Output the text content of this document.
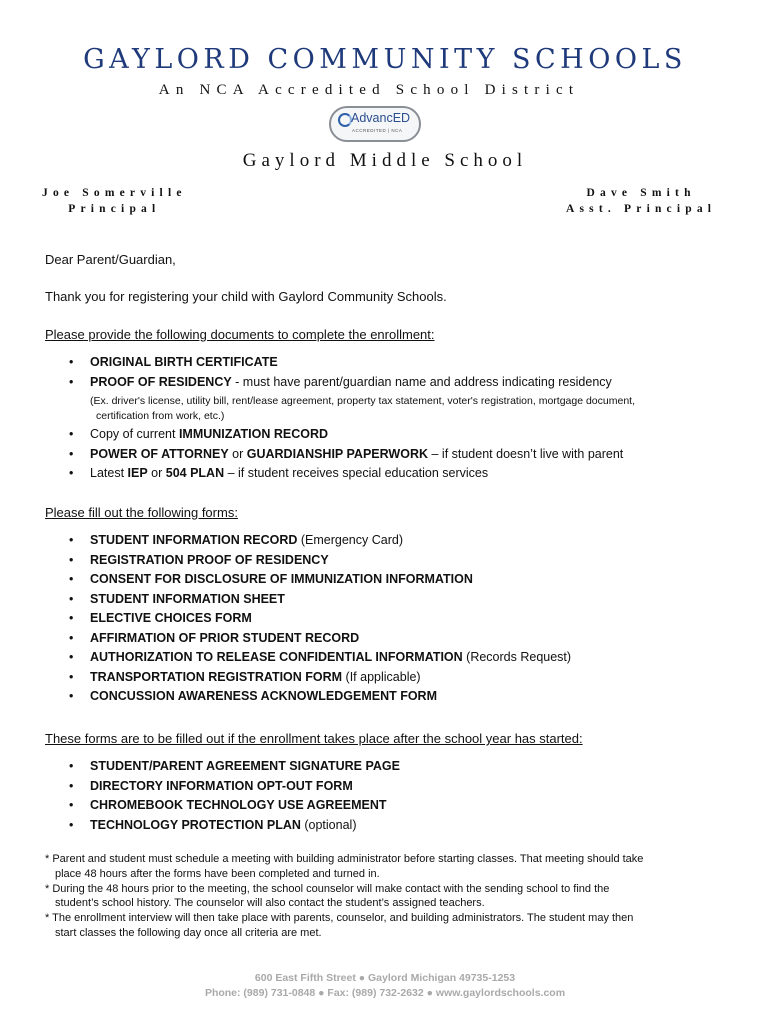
GAYLORD COMMUNITY SCHOOLS
An NCA Accredited School District
AdvancED
ACCREDITED | NCA
Gaylord Middle School
Joe Somerville
Principal
Dave Smith
Asst. Principal
Dear Parent/Guardian,
Thank you for registering your child with Gaylord Community Schools.
Please provide the following documents to complete the enrollment:
• ORIGINAL BIRTH CERTIFICATE
• PROOF OF RESIDENCY - must have parent/guardian name and address indicating residency
(Ex. driver's license, utility bill, rent/lease agreement, property tax statement, voter's registration, mortgage document,
certification from work, etc.)
• Copy of current IMMUNIZATION RECORD
• POWER OF ATTORNEY or GUARDIANSHIP PAPERWORK – if student doesn’t live with parent
• Latest IEP or 504 PLAN – if student receives special education services
Please fill out the following forms:
• STUDENT INFORMATION RECORD (Emergency Card)
• REGISTRATION PROOF OF RESIDENCY
• CONSENT FOR DISCLOSURE OF IMMUNIZATION INFORMATION
• STUDENT INFORMATION SHEET
• ELECTIVE CHOICES FORM
• AFFIRMATION OF PRIOR STUDENT RECORD
• AUTHORIZATION TO RELEASE CONFIDENTIAL INFORMATION (Records Request)
• TRANSPORTATION REGISTRATION FORM (If applicable)
• CONCUSSION AWARENESS ACKNOWLEDGEMENT FORM
These forms are to be filled out if the enrollment takes place after the school year has started:
• STUDENT/PARENT AGREEMENT SIGNATURE PAGE
• DIRECTORY INFORMATION OPT-OUT FORM
• CHROMEBOOK TECHNOLOGY USE AGREEMENT
• TECHNOLOGY PROTECTION PLAN (optional)
* Parent and student must schedule a meeting with building administrator before starting classes. That meeting should take
place 48 hours after the forms have been completed and turned in.
* During the 48 hours prior to the meeting, the school counselor will make contact with the sending school to find the
student’s school history. The counselor will also contact the student’s assigned teachers.
* The enrollment interview will then take place with parents, counselor, and building administrators. The student may then
start classes the following day once all criteria are met.
600 East Fifth Street ● Gaylord Michigan 49735-1253
Phone: (989) 731-0848 ● Fax: (989) 732-2632 ● www.gaylordschools.com
